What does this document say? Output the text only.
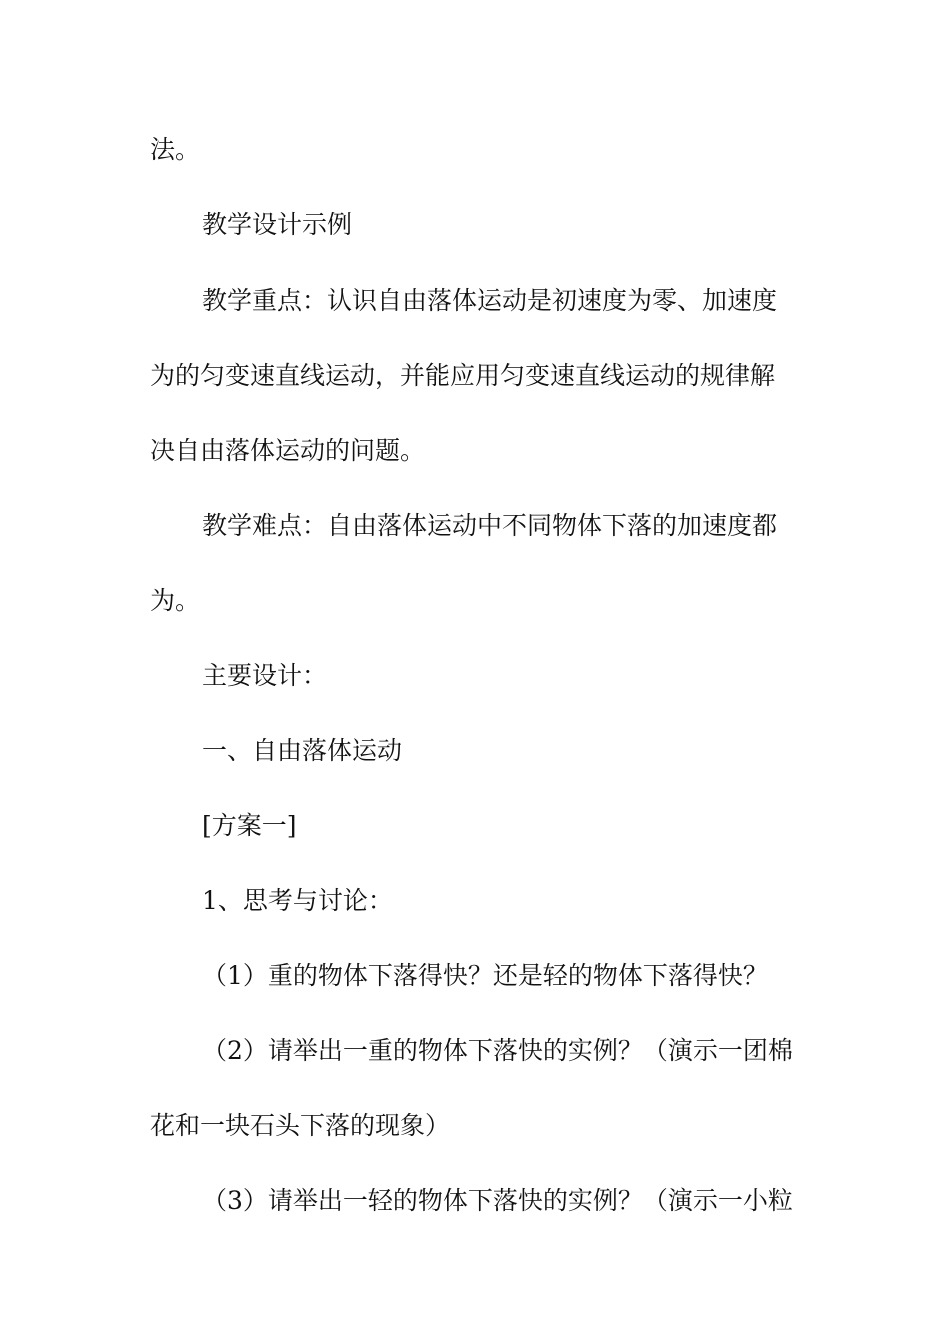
法。
教学设计示例
教学重点：认识自由落体运动是初速度为零、加速度
为的匀变速直线运动，并能应用匀变速直线运动的规律解
决自由落体运动的问题。
教学难点：自由落体运动中不同物体下落的加速度都
为。
主要设计：
一、自由落体运动
[方案一]
1、思考与讨论：
（1）重的物体下落得快？还是轻的物体下落得快？
（2）请举出一重的物体下落快的实例？（演示一团棉
花和一块石头下落的现象）
（3）请举出一轻的物体下落快的实例？（演示一小粒
